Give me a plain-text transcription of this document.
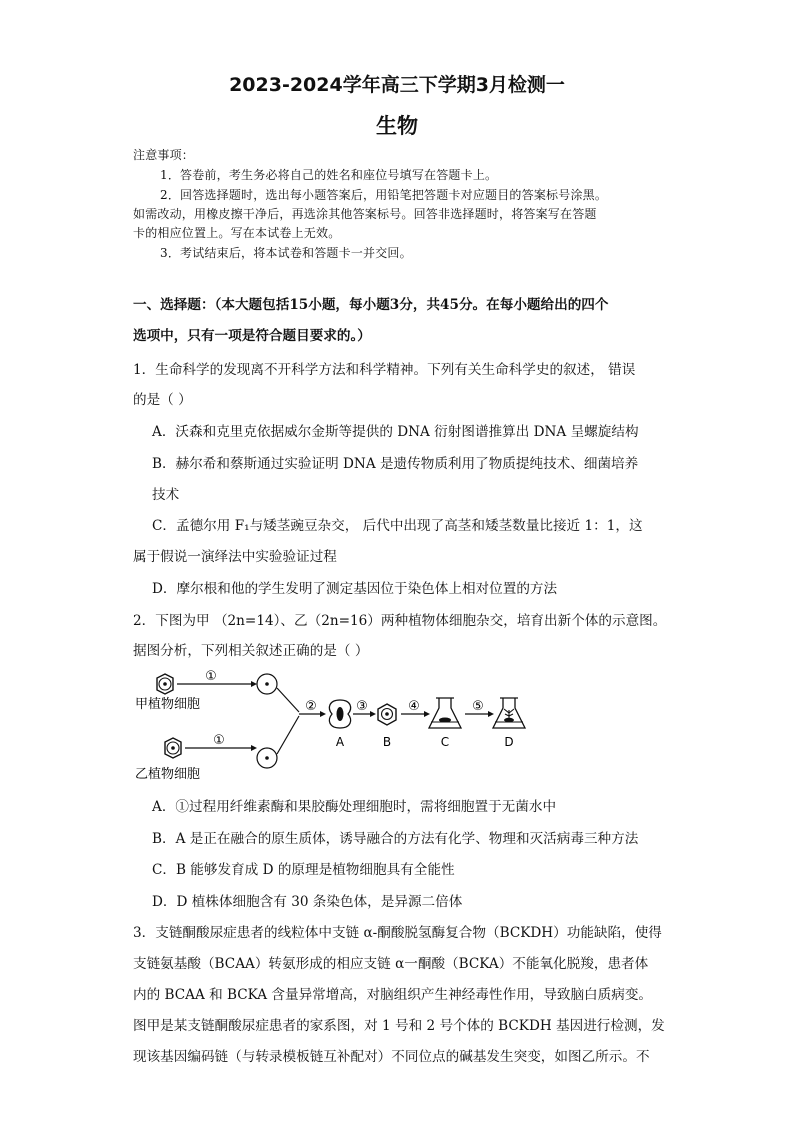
2023-2024学年高三下学期3月检测一
生物
注意事项：
1．答卷前，考生务必将自己的姓名和座位号填写在答题卡上。
2．回答选择题时，选出每小题答案后，用铅笔把答题卡对应题目的答案标号涂黑。
如需改动，用橡皮擦干净后，再选涂其他答案标号。回答非选择题时，将答案写在答题
卡的相应位置上。写在本试卷上无效。
3．考试结束后，将本试卷和答题卡一并交回。
一、选择题：（本大题包括15小题，每小题3分，共45分。在每小题给出的四个
选项中，只有一项是符合题目要求的。）
1．生命科学的发现离不开科学方法和科学精神。下列有关生命科学史的叙述， 错误
的是（ ）
A．沃森和克里克依据威尔金斯等提供的 DNA 衍射图谱推算出 DNA 呈螺旋结构
B．赫尔希和蔡斯通过实验证明 DNA 是遗传物质利用了物质提纯技术、细菌培养
技术
C．孟德尔用 F₁与矮茎豌豆杂交， 后代中出现了高茎和矮茎数量比接近 1：1，这
属于假说一演绎法中实验验证过程
D．摩尔根和他的学生发明了测定基因位于染色体上相对位置的方法
2．下图为甲 （2n=14）、乙（2n=16）两种植物体细胞杂交，培育出新个体的示意图。
据图分析，下列相关叙述正确的是（ ）
①
甲植物细胞
①
乙植物细胞
②
A
③
B
④
C
⑤
D
A．①过程用纤维素酶和果胶酶处理细胞时，需将细胞置于无菌水中
B．A 是正在融合的原生质体，诱导融合的方法有化学、物理和灭活病毒三种方法
C．B 能够发育成 D 的原理是植物细胞具有全能性
D．D 植株体细胞含有 30 条染色体，是异源二倍体
3．支链酮酸尿症患者的线粒体中支链 α-酮酸脱氢酶复合物（BCKDH）功能缺陷，使得
支链氨基酸（BCAA）转氨形成的相应支链 α一酮酸（BCKA）不能氧化脱羧，患者体
内的 BCAA 和 BCKA 含量异常增高，对脑组织产生神经毒性作用，导致脑白质病变。
图甲是某支链酮酸尿症患者的家系图，对 1 号和 2 号个体的 BCKDH 基因进行检测，发
现该基因编码链（与转录模板链互补配对）不同位点的碱基发生突变，如图乙所示。不
